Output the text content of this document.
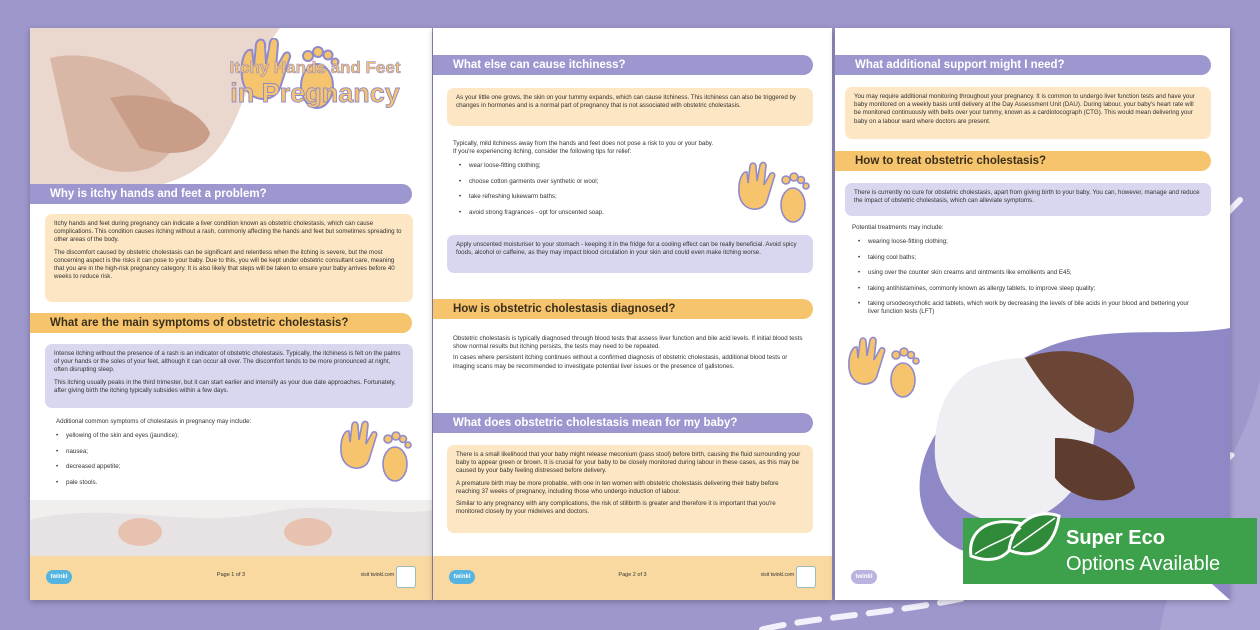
Itchy Hands and Feet
in Pregnancy
Why is itchy hands and feet a problem?

Itchy hands and feet during pregnancy can indicate a liver condition known as obstetric cholestasis, which can cause complications. This condition causes itching without a rash, commonly affecting the hands and feet but sometimes spreading to other areas of the body.

The discomfort caused by obstetric cholestasis can be significant and relentless when the itching is severe, but the most concerning aspect is the risks it can pose to your baby. Due to this, you will be kept under obstetric consultant care, meaning that you are in the high-risk pregnancy category. It is also likely that steps will be taken to ensure your baby arrives before 40 weeks to reduce risk.

What are the main symptoms of obstetric cholestasis?

Intense itching without the presence of a rash is an indicator of obstetric cholestasis. Typically, the itchiness is felt on the palms of your hands or the soles of your feet, although it can occur all over. The discomfort tends to be more pronounced at night, often disrupting sleep.

This itching usually peaks in the third trimester, but it can start earlier and intensify as your due date approaches. Fortunately, after giving birth the itching typically subsides within a few days.

Additional common symptoms of cholestasis in pregnancy may include:

• yellowing of the skin and eyes (jaundice);
• nausea;
• decreased appetite;
• pale stools.
twinkl	Page 1 of 3	visit twinkl.com
What else can cause itchiness?

As your little one grows, the skin on your tummy expands, which can cause itchiness. This itchiness can also be triggered by changes in hormones and is a normal part of pregnancy that is not associated with obstetric cholestasis.

Typically, mild itchiness away from the hands and feet does not pose a risk to you or your baby.

If you're experiencing itching, consider the following tips for relief:

• wear loose-fitting clothing;
• choose cotton garments over synthetic or wool;
• take refreshing lukewarm baths;
• avoid strong fragrances - opt for unscented soap.

Apply unscented moisturiser to your stomach - keeping it in the fridge for a cooling effect can be really beneficial. Avoid spicy foods, alcohol or caffeine, as they may impact blood circulation in your skin and could even make itching worse.

How is obstetric cholestasis diagnosed?

Obstetric cholestasis is typically diagnosed through blood tests that assess liver function and bile acid levels. If initial blood tests show normal results but itching persists, the tests may need to be repeated.

In cases where persistent itching continues without a confirmed diagnosis of obstetric cholestasis, additional blood tests or imaging scans may be recommended to investigate potential liver issues or the presence of gallstones.

What does obstetric cholestasis mean for my baby?

There is a small likelihood that your baby might release meconium (pass stool) before birth, causing the fluid surrounding your baby to appear green or brown. It is crucial for your baby to be closely monitored during labour in these cases, as this may be caused by your baby feeling distressed before delivery.

A premature birth may be more probable, with one in ten women with obstetric cholestasis delivering their baby before reaching 37 weeks of pregnancy, including those who undergo induction of labour.

Similar to any pregnancy with any complications, the risk of stillbirth is greater and therefore it is important that you're monitored closely by your midwives and doctors.

twinkl	Page 2 of 3	visit twinkl.com
What additional support might I need?

You may require additional monitoring throughout your pregnancy. It is common to undergo liver function tests and have your baby monitored on a weekly basis until delivery at the Day Assessment Unit (DAU). During labour, your baby's heart rate will be monitored continuously with belts over your tummy, known as a cardiotocograph (CTG). This would mean delivering your baby on a labour ward where doctors are present.

How to treat obstetric cholestasis?

There is currently no cure for obstetric cholestasis, apart from giving birth to your baby. You can, however, manage and reduce the impact of obstetric cholestasis, which can alleviate symptoms.

Potential treatments may include:

• wearing loose-fitting clothing;
• taking cool baths;
• using over the counter skin creams and ointments like emollients and E45;
• taking antihistamines, commonly known as allergy tablets, to improve sleep quality;
• taking ursodeoxycholic acid tablets, which work by decreasing the levels of bile acids in your blood and bettering your liver function tests (LFT)
twinkl
Super Eco
Options Available
